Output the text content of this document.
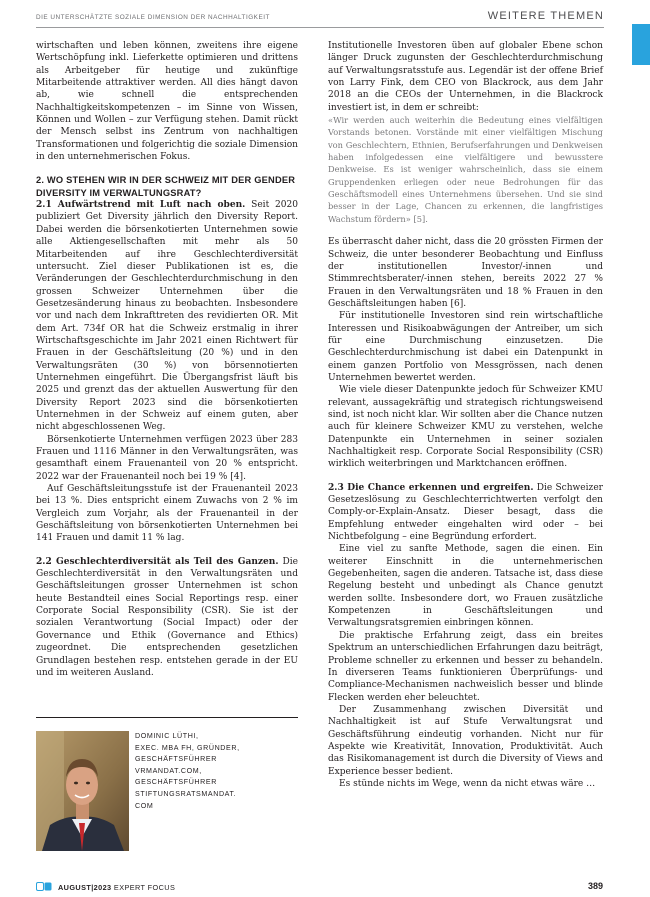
DIE UNTERSCHÄTZTE SOZIALE DIMENSION DER NACHHALTIGKEIT	WEITERE THEMEN

wirtschaften und leben können, zweitens ihre eigene Wertschöpfung inkl. Lieferkette optimieren und drittens als Arbeitgeber für heutige und zukünftige Mitarbeitende attraktiver werden. All dies hängt davon ab, wie schnell die entsprechenden Nachhaltigkeitskompetenzen – im Sinne von Wissen, Können und Wollen – zur Verfügung stehen. Damit rückt der Mensch selbst ins Zentrum von nachhaltigen Transformationen und folgerichtig die soziale Dimension in den unternehmerischen Fokus.

2. WO STEHEN WIR IN DER SCHWEIZ MIT DER GENDER DIVERSITY IM VERWALTUNGSRAT?

2.1 Aufwärtstrend mit Luft nach oben. Seit 2020 publiziert Get Diversity jährlich den Diversity Report. Dabei werden die börsenkotierten Unternehmen sowie alle Aktiengesellschaften mit mehr als 50 Mitarbeitenden auf ihre Geschlechterdiversität untersucht. Ziel dieser Publikationen ist es, die Veränderungen der Geschlechterdurchmischung in den grossen Schweizer Unternehmen über die Gesetzesänderung hinaus zu beobachten. Insbesondere vor und nach dem Inkrafttreten des revidierten OR. Mit dem Art. 734f OR hat die Schweiz erstmalig in ihrer Wirtschaftsgeschichte im Jahr 2021 einen Richtwert für Frauen in der Geschäftsleitung (20 %) und in den Verwaltungsräten (30 %) von börsennotierten Unternehmen eingeführt. Die Übergangsfrist läuft bis 2025 und grenzt das der aktuellen Auswertung für den Diversity Report 2023 sind die börsenkotierten Unternehmen in der Schweiz auf einem guten, aber nicht abgeschlossenen Weg.

Börsenkotierte Unternehmen verfügen 2023 über 283 Frauen und 1116 Männer in den Verwaltungsräten, was gesamthaft einem Frauenanteil von 20 % entspricht. 2022 war der Frauenanteil noch bei 19 % [4].

Auf Geschäftsleitungsstufe ist der Frauenanteil 2023 bei 13 %. Dies entspricht einem Zuwachs von 2 % im Vergleich zum Vorjahr, als der Frauenanteil in der Geschäftsleitung von börsenkotierten Unternehmen bei 141 Frauen und damit 11 % lag.

2.2 Geschlechterdiversität als Teil des Ganzen. Die Geschlechterdiversität in den Verwaltungsräten und Geschäftsleitungen grosser Unternehmen ist schon heute Bestandteil eines Social Reportings resp. einer Corporate Social Responsibility (CSR). Sie ist der sozialen Verantwortung (Social Impact) oder der Governance und Ethik (Governance and Ethics) zugeordnet. Die entsprechenden gesetzlichen Grundlagen bestehen resp. entstehen gerade in der EU und im weiteren Ausland.

DOMINIC LÜTHI,
EXEC. MBA FH, GRÜNDER,
GESCHÄFTSFÜHRER
VRMANDAT.COM,
GESCHÄFTSFÜHRER
STIFTUNGSRATSMANDAT.
COM

Institutionelle Investoren üben auf globaler Ebene schon länger Druck zugunsten der Geschlechterdurchmischung auf Verwaltungsratsstufe aus. Legendär ist der offene Brief von Larry Fink, dem CEO von Blackrock, aus dem Jahr 2018 an die CEOs der Unternehmen, in die Blackrock investiert ist, in dem er schreibt:

«Wir werden auch weiterhin die Bedeutung eines vielfältigen Vorstands betonen. Vorstände mit einer vielfältigen Mischung von Geschlechtern, Ethnien, Berufserfahrungen und Denkweisen haben infolgedessen eine vielfältigere und bewusstere Denkweise. Es ist weniger wahrscheinlich, dass sie einem Gruppendenken erliegen oder neue Bedrohungen für das Geschäftsmodell eines Unternehmens übersehen. Und sie sind besser in der Lage, Chancen zu erkennen, die langfristiges Wachstum fördern» [5].

Es überrascht daher nicht, dass die 20 grössten Firmen der Schweiz, die unter besonderer Beobachtung und Einfluss der institutionellen Investor/-innen und Stimmrechtsberater/-innen stehen, bereits 2022 27 % Frauen in den Verwaltungsräten und 18 % Frauen in den Geschäftsleitungen haben [6].

Für institutionelle Investoren sind rein wirtschaftliche Interessen und Risikoabwägungen der Antreiber, um sich für eine Durchmischung einzusetzen. Die Geschlechterdurchmischung ist dabei ein Datenpunkt in einem ganzen Portfolio von Messgrössen, nach denen Unternehmen bewertet werden.

Wie viele dieser Datenpunkte jedoch für Schweizer KMU relevant, aussagekräftig und strategisch richtungsweisend sind, ist noch nicht klar. Wir sollten aber die Chance nutzen auch für kleinere Schweizer KMU zu verstehen, welche Datenpunkte ein Unternehmen in seiner sozialen Nachhaltigkeit resp. Corporate Social Responsibility (CSR) wirklich weiterbringen und Marktchancen eröffnen.

2.3 Die Chance erkennen und ergreifen. Die Schweizer Gesetzeslösung zu Geschlechterrichtwerten verfolgt den Comply-or-Explain-Ansatz. Dieser besagt, dass die Empfehlung entweder eingehalten wird oder – bei Nichtbefolgung – eine Begründung erfordert.

Eine viel zu sanfte Methode, sagen die einen. Ein weiterer Einschnitt in die unternehmerischen Gegebenheiten, sagen die anderen. Tatsache ist, dass diese Regelung besteht und unbedingt als Chance genutzt werden sollte. Insbesondere dort, wo Frauen zusätzliche Kompetenzen in Geschäftsleitungen und Verwaltungsratsgremien einbringen können.

Die praktische Erfahrung zeigt, dass ein breites Spektrum an unterschiedlichen Erfahrungen dazu beiträgt, Probleme schneller zu erkennen und besser zu behandeln. In diverseren Teams funktionieren Überprüfungs- und Compliance-Mechanismen nachweislich besser und blinde Flecken werden eher beleuchtet.

Der Zusammenhang zwischen Diversität und Nachhaltigkeit ist auf Stufe Verwaltungsrat und Geschäftsführung eindeutig vorhanden. Nicht nur für Aspekte wie Kreativität, Innovation, Produktivität. Auch das Risikomanagement ist durch die Diversity of Views and Experience besser bedient.

Es stünde nichts im Wege, wenn da nicht etwas wäre …

AUGUST|2023
EXPERT FOCUS	389
